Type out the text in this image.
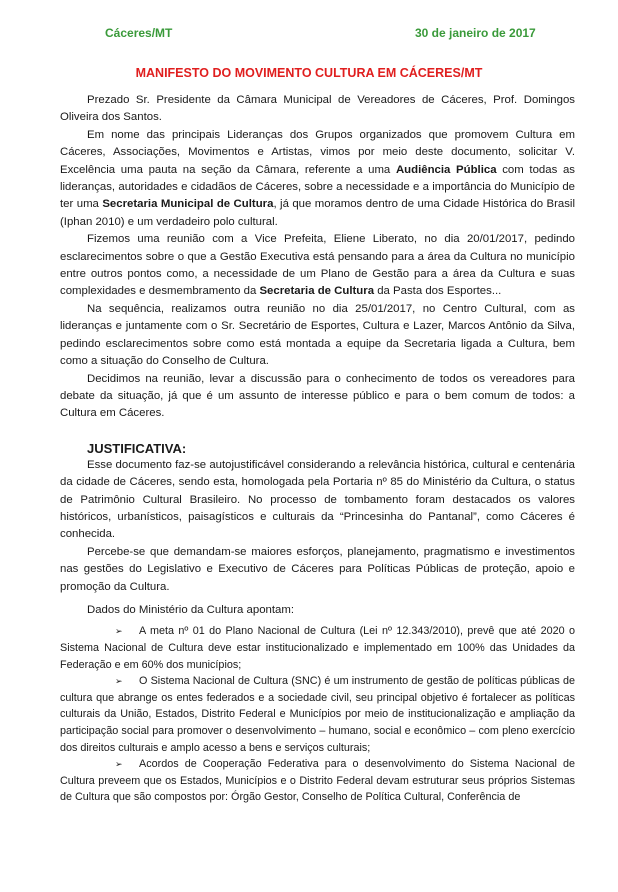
Cáceres/MT	30 de janeiro de 2017
MANIFESTO DO MOVIMENTO CULTURA EM CÁCERES/MT

Prezado Sr. Presidente da Câmara Municipal de Vereadores de Cáceres, Prof. Domingos Oliveira dos Santos.

Em nome das principais Lideranças dos Grupos organizados que promovem Cultura em Cáceres, Associações, Movimentos e Artistas, vimos por meio deste documento, solicitar V. Excelência uma pauta na seção da Câmara, referente a uma Audiência Pública com todas as lideranças, autoridades e cidadãos de Cáceres, sobre a necessidade e a importância do Município de ter uma Secretaria Municipal de Cultura, já que moramos dentro de uma Cidade Histórica do Brasil (Iphan 2010) e um verdadeiro polo cultural.

Fizemos uma reunião com a Vice Prefeita, Eliene Liberato, no dia 20/01/2017, pedindo esclarecimentos sobre o que a Gestão Executiva está pensando para a área da Cultura no município entre outros pontos como, a necessidade de um Plano de Gestão para a área da Cultura e suas complexidades e desmembramento da Secretaria de Cultura da Pasta dos Esportes...

Na sequência, realizamos outra reunião no dia 25/01/2017, no Centro Cultural, com as lideranças e juntamente com o Sr. Secretário de Esportes, Cultura e Lazer, Marcos Antônio da Silva, pedindo esclarecimentos sobre como está montada a equipe da Secretaria ligada a Cultura, bem como a situação do Conselho de Cultura.

Decidimos na reunião, levar a discussão para o conhecimento de todos os vereadores para debate da situação, já que é um assunto de interesse público e para o bem comum de todos: a Cultura em Cáceres.

JUSTIFICATIVA:

Esse documento faz-se autojustificável considerando a relevância histórica, cultural e centenária da cidade de Cáceres, sendo esta, homologada pela Portaria nº 85 do Ministério da Cultura, o status de Patrimônio Cultural Brasileiro. No processo de tombamento foram destacados os valores históricos, urbanísticos, paisagísticos e culturais da “Princesinha do Pantanal”, como Cáceres é conhecida.

Percebe-se que demandam-se maiores esforços, planejamento, pragmatismo e investimentos nas gestões do Legislativo e Executivo de Cáceres para Políticas Públicas de proteção, apoio e promoção da Cultura.

Dados do Ministério da Cultura apontam:

➢ A meta nº 01 do Plano Nacional de Cultura (Lei nº 12.343/2010), prevê que até 2020 o Sistema Nacional de Cultura deve estar institucionalizado e implementado em 100% das Unidades da Federação e em 60% dos municípios;
➢ O Sistema Nacional de Cultura (SNC) é um instrumento de gestão de políticas públicas de cultura que abrange os entes federados e a sociedade civil, seu principal objetivo é fortalecer as políticas culturais da União, Estados, Distrito Federal e Municípios por meio de institucionalização e ampliação da participação social para promover o desenvolvimento – humano, social e econômico – com pleno exercício dos direitos culturais e amplo acesso a bens e serviços culturais;
➢ Acordos de Cooperação Federativa para o desenvolvimento do Sistema Nacional de Cultura preveem que os Estados, Municípios e o Distrito Federal devam estruturar seus próprios Sistemas de Cultura que são compostos por: Órgão Gestor, Conselho de Política Cultural, Conferência de
